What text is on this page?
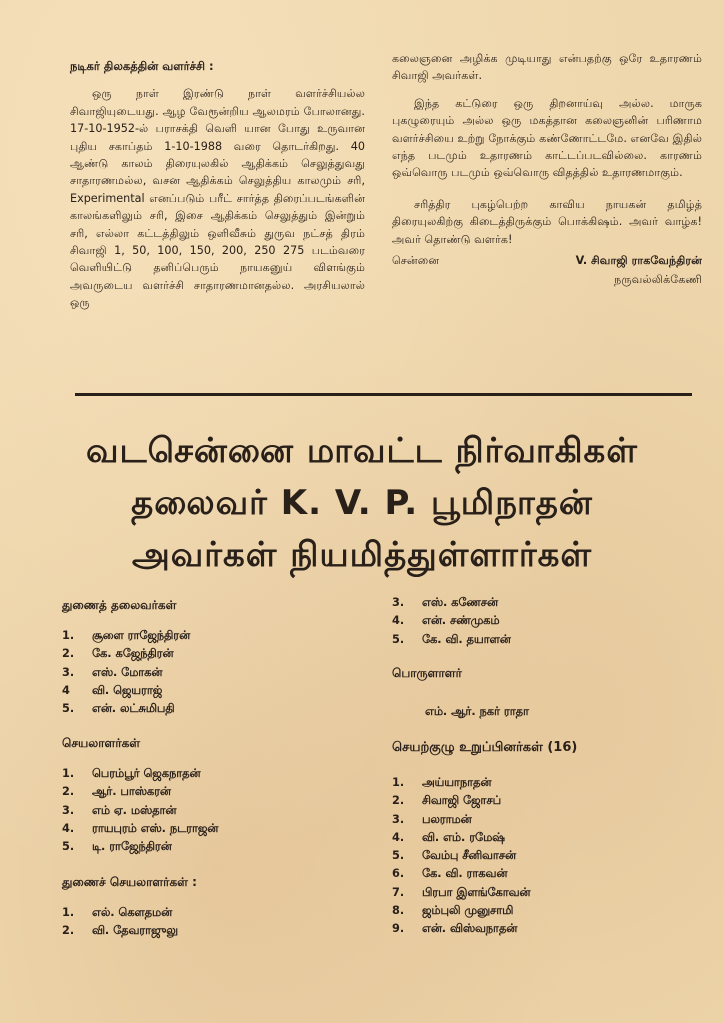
நடிகர் திலகத்தின் வளர்ச்சி :

ஒரு நாள் இரண்டு நாள் வளர்ச்சியல்ல சிவாஜியுடையது. ஆழ வேரூன்றிய ஆலமரம் போலானது. 17-10-1952-ல் பராசக்தி வெளி யான போது உருவான புதிய சகாப்தம் 1-10-1988 வரை தொடர்கிறது. 40 ஆண்டு காலம் திரையுலகில் ஆதிக்கம் செலுத்துவது சாதாரணமல்ல, வசன ஆதிக்கம் செலுத்திய காலமும் சரி, Experimental எனப்படும் பரீட் சார்த்த திரைப்படங்களின் காலங்களிலும் சரி, இசை ஆதிக்கம் செலுத்தும் இன்றும் சரி, எல்லா கட்டத்திலும் ஒளிவீசும் துருவ நட்சத் திரம் சிவாஜி 1, 50, 100, 150, 200, 250 275 படம்வரை வெளியிட்டு தனிப்பெரும் நாயகனுய் விளங்கும் அவருடைய வளர்ச்சி சாதாரணமானதல்ல. அரசியலால் ஒரு

கலைஞனை அழிக்க முடியாது என்பதற்கு ஒரே உதாரணம் சிவாஜி அவர்கள்.

இந்த கட்டுரை ஒரு திறனாய்வு அல்ல. மாருக புகழுரையும் அல்ல ஒரு மகத்தான கலைஞனின் பரிணாம வளர்ச்சியை உற்று நோக்கும் கண்ணோட்டமே. எனவே இதில் எந்த படமும் உதாரணம் காட்டப்படவில்லை. காரணம் ஒவ்வொரு படமும் ஒவ்வொரு விதத்தில் உதாரணமாகும்.

சரித்திர புகழ்பெற்ற காவிய நாயகன் தமிழ்த் திரையுலகிற்கு கிடைத்திருக்கும் பொக்கிஷம். அவர் வாழ்க! அவர் தொண்டு வளர்க!

சென்னை	V. சிவாஜி ராகவேந்திரன்
நருவல்லிக்கேணி
வடசென்னை மாவட்ட நிர்வாகிகள்
தலைவர் K. V. P. பூமிநாதன்
அவர்கள் நியமித்துள்ளார்கள்

துணைத் தலைவர்கள்

1.	சூளை ராஜேந்திரன்
2.	கே. கஜேந்திரன்
3.	எஸ். மோகன்
4	வி. ஜெயராஜ்
5.	என். லட்சுமிபதி

செயலாளர்கள்

1.	பெரம்பூர் ஜெகநாதன்
2.	ஆர். பாஸ்கரன்
3.	எம் ஏ. மஸ்தான்
4.	ராயபுரம் எஸ். நடராஜன்
5.	டி. ராஜேந்திரன்

துணைச் செயலாளர்கள் :

1.	எல். கௌதமன்
2.	வி. தேவராஜுலு
3.	எஸ். கணேசன்
4.	என். சண்முகம்
5.	கே. வி. தயாளன்

பொருளாளர்

எம். ஆர். நகர் ராதா

செயற்குழு உறுப்பினர்கள் (16)

1.	அய்யாநாதன்
2.	சிவாஜி ஜோசப்
3.	பலராமன்
4.	வி. எம். ரமேஷ்
5.	வேம்பு சீனிவாசன்
6.	கே. வி. ராகவன்
7.	பிரபா இளங்கோவன்
8.	ஜம்புலி முனுசாமி
9.	என். விஸ்வநாதன்
